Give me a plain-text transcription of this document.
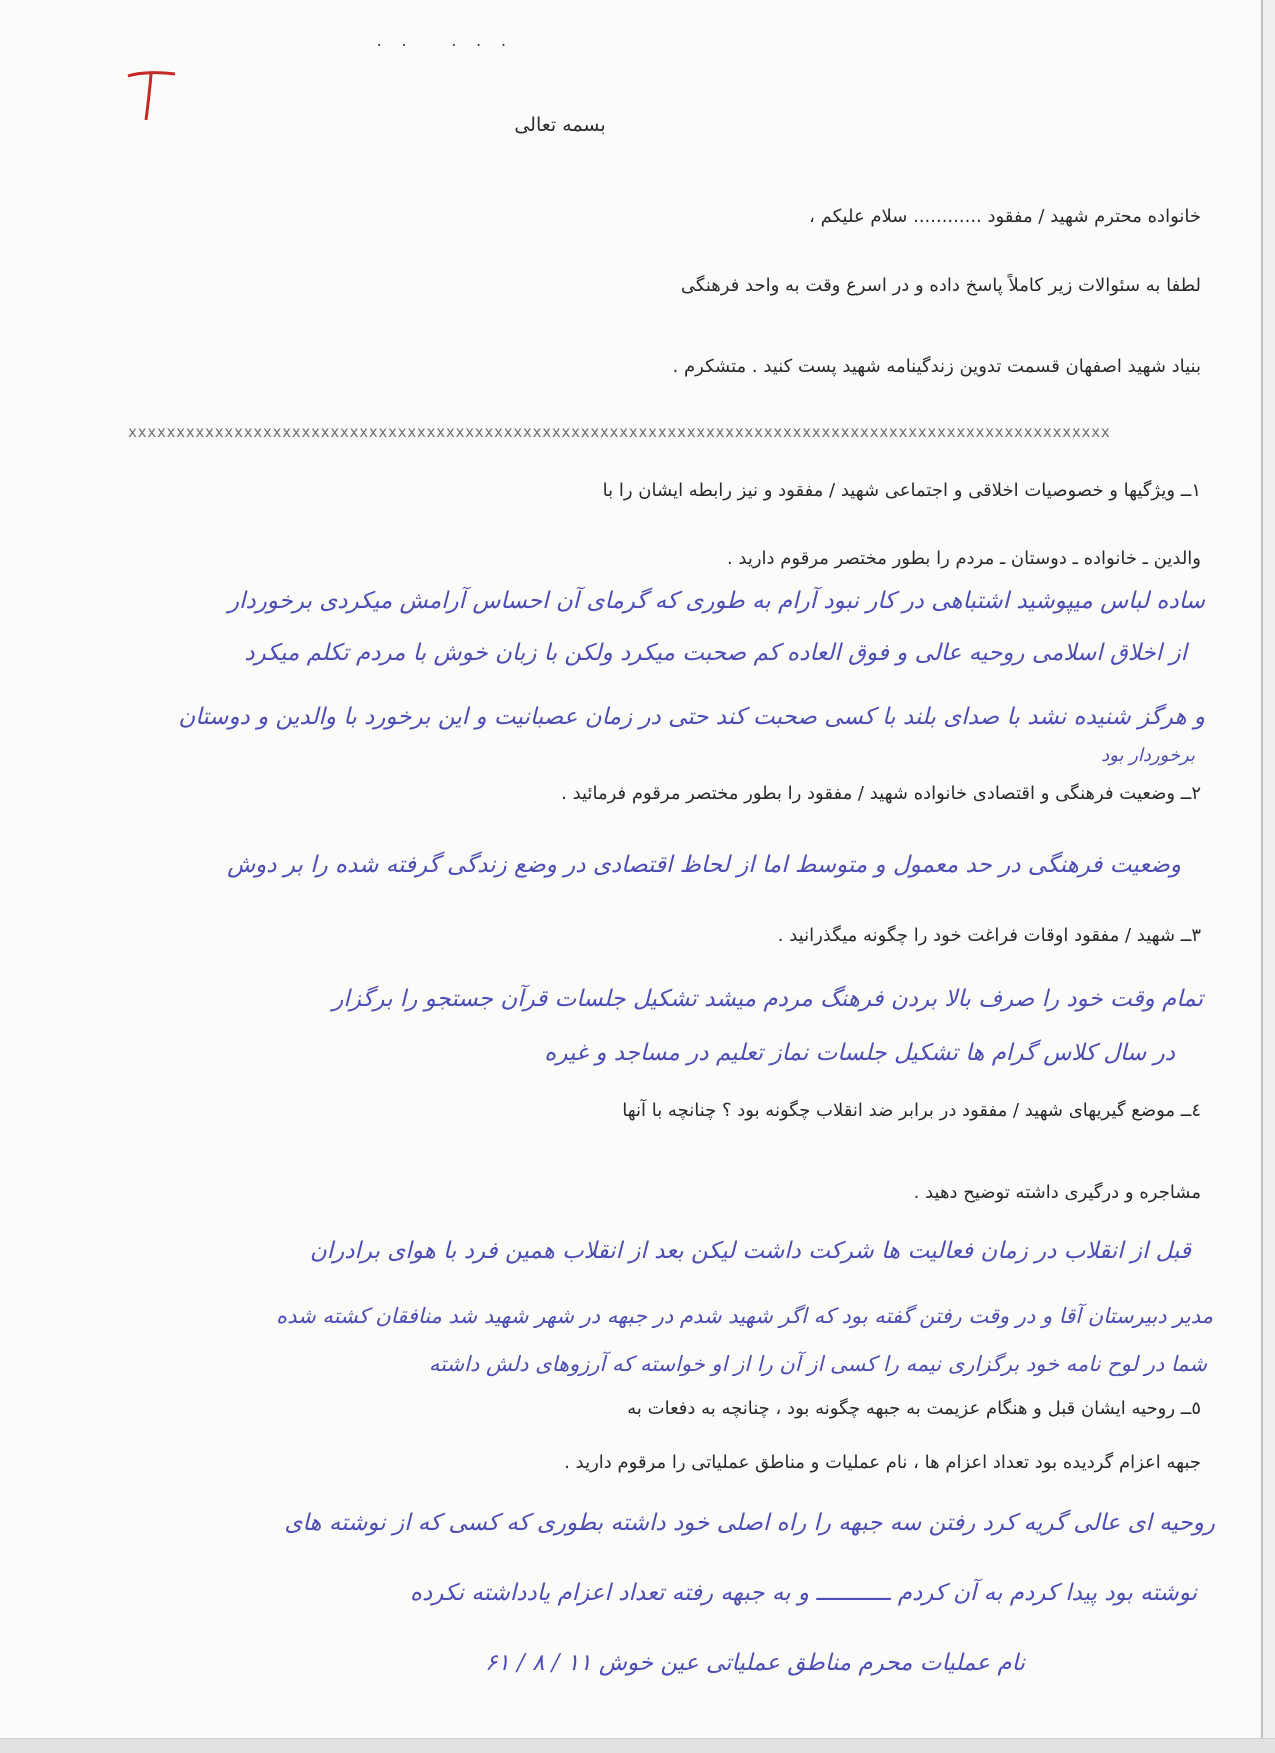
. .   . . .
بسمه تعالی
خانواده محترم شهید / مفقود ............ سلام علیکم ،
لطفا به سئوالات زیر کاملاً پاسخ داده و در اسرع وقت به واحد فرهنگی
بنیاد شهید اصفهان قسمت تدوین زندگینامه شهید پست کنید . متشکرم .
xxxxxxxxxxxxxxxxxxxxxxxxxxxxxxxxxxxxxxxxxxxxxxxxxxxxxxxxxxxxxxxxxxxxxxxxxxxxxxxxxxxxxxxxxxxxxxxxxxxxxx
۱ــ ویژگیها و خصوصیات اخلاقی و اجتماعی شهید / مفقود و نیز رابطه ایشان را با
والدین ـ خانواده ـ دوستان ـ مردم را بطور مختصر مرقوم دارید .
ساده لباس میپوشید اشتباهی در کار نبود آرام به طوری که گرمای آن احساس آرامش میکردی برخوردار
از اخلاق اسلامی روحیه عالی و فوق العاده کم صحبت میکرد ولکن با زبان خوش با مردم تکلم میکرد
و هرگز شنیده نشد با صدای بلند با کسی صحبت کند حتی در زمان عصبانیت و این برخورد با والدین و دوستان
برخوردار بود
۲ــ وضعیت فرهنگی و اقتصادی خانواده شهید / مفقود را بطور مختصر مرقوم فرمائید .
وضعیت فرهنگی در حد معمول و متوسط اما از لحاظ اقتصادی در وضع زندگی گرفته شده را بر دوش
۳ــ شهید / مفقود اوقات فراغت خود را چگونه میگذرانید .
تمام وقت خود را صرف بالا بردن فرهنگ مردم میشد تشکیل جلسات قرآن جستجو را برگزار
در سال کلاس گرام ها تشکیل جلسات نماز تعلیم در مساجد و غیره
٤ــ موضع گیریهای شهید / مفقود در برابر ضد انقلاب چگونه بود ؟ چنانچه با آنها
مشاجره و درگیری داشته توضیح دهید .
قبل از انقلاب در زمان فعالیت ها شرکت داشت لیکن بعد از انقلاب همین فرد با هوای برادران
مدیر دبیرستان آقا و در وقت رفتن گفته بود که اگر شهید شدم در جبهه در شهر شهید شد منافقان کشته شده
شما در لوح نامه خود برگزاری نیمه را کسی از آن را از او خواسته که آرزوهای دلش داشته
٥ــ روحیه ایشان قبل و هنگام عزیمت به جبهه چگونه بود ، چنانچه به دفعات به
جبهه اعزام گردیده بود تعداد اعزام ها ، نام عملیات و مناطق عملیاتی را مرقوم دارید .
روحیه ای عالی گریه کرد رفتن سه جبهه را راه اصلی خود داشته بطوری که کسی که از نوشته های
نوشته بود پیدا کردم به آن کردم ـــــــــــ و به جبهه رفته تعداد اعزام یادداشته نکرده
نام عملیات محرم مناطق عملیاتی عین خوش ۱۱ / ۸ / ۶۱
